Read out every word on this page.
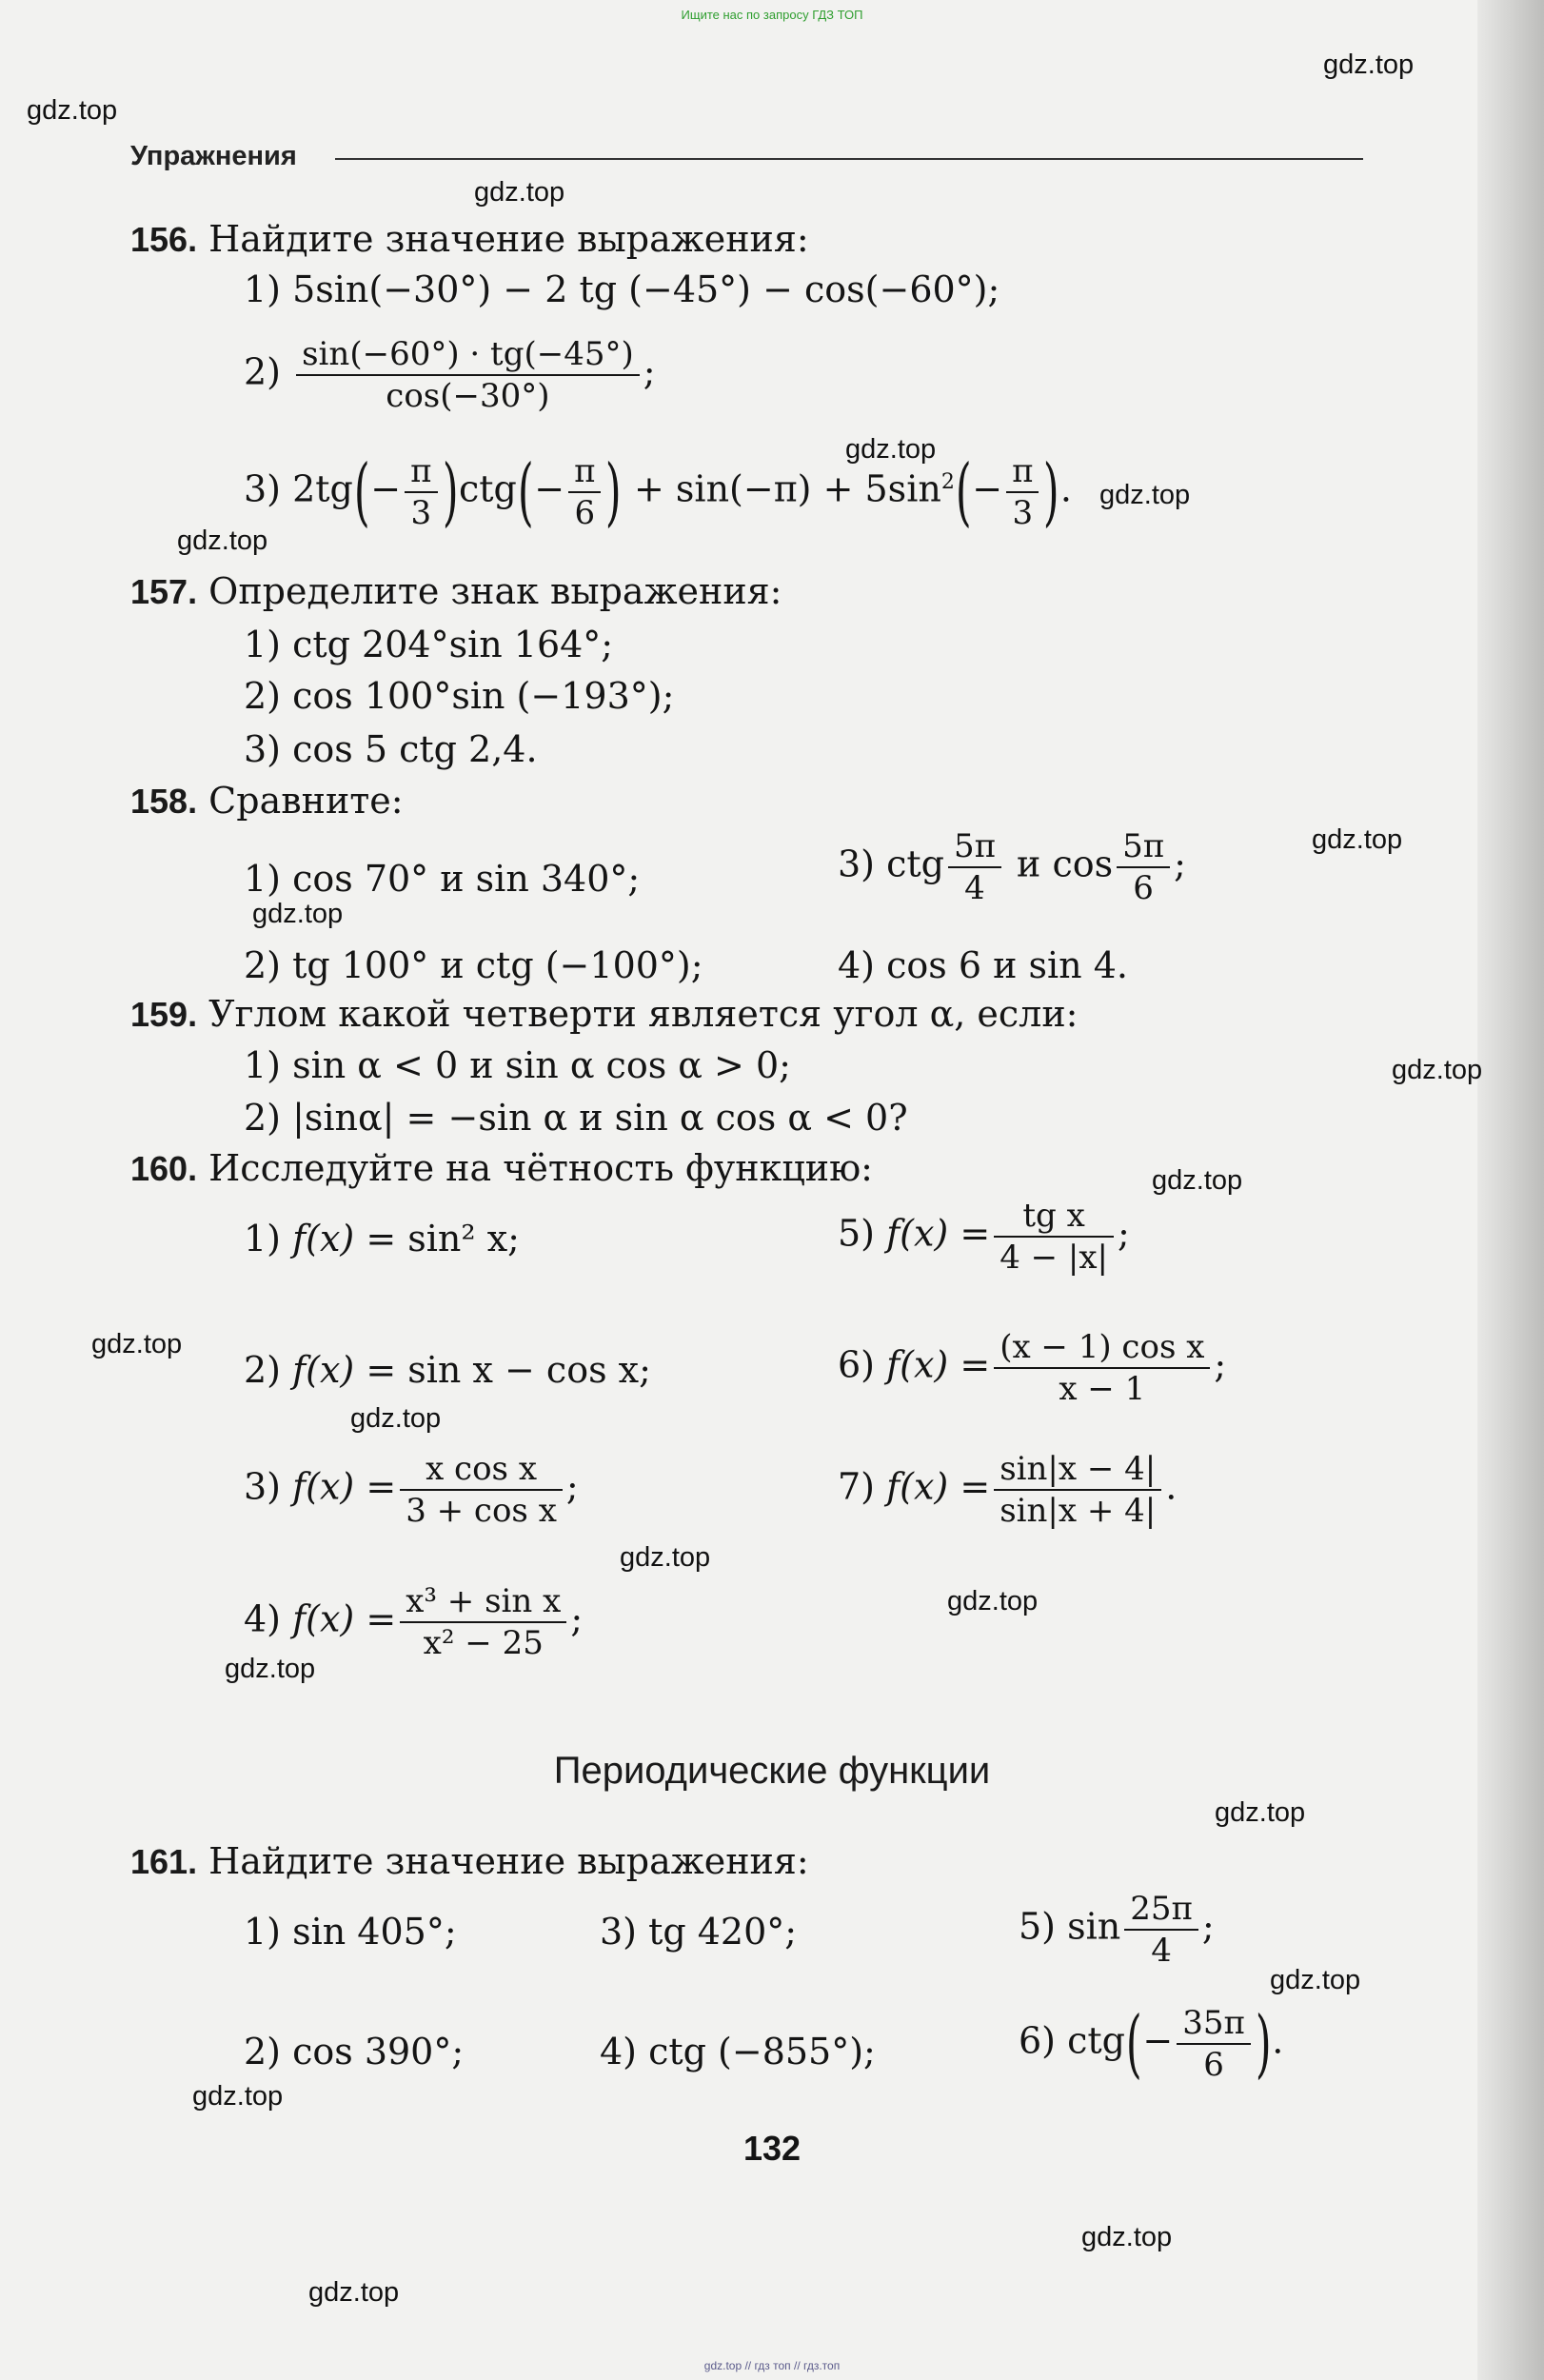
Ищите нас по запросу ГДЗ ТОП
gdz.top
gdz.top
gdz.top
gdz.top
gdz.top
gdz.top
gdz.top
gdz.top
gdz.top
gdz.top
gdz.top
gdz.top
gdz.top
gdz.top
gdz.top
gdz.top
gdz.top
gdz.top
gdz.top
gdz.top
Упражнения
156. Найдите значение выражения:
1) 5sin(−30°) − 2 tg (−45°) − cos(−60°);
$2) \frac{\sin(-60^\circ) \cdot tg(-45^\circ)}{\cos(-30^\circ)}$ ;
3) $2tg(- \frac{\pi}{3} )ctg(- \frac{\pi}{6}$ ) + $\sin(-\pi) + 5\sin^2(- \frac{\pi}{3}$ ).
157. Определите знак выражения:
1) ctg 204°sin 164°;
2) cos 100°sin (−193°);
3) cos 5 ctg 2,4.
158. Сравните:
1) cos 70° и sin 340°;	3) ctg $\frac{5\pi}{4}$ и $\cos \frac{5\pi}{6}$ ;
2) tg 100° и ctg (−100°);	4) cos 6 и sin 4.
159. Углом какой четверти является угол α, если:
1) sin α < 0 и sin α cos α > 0;
2) |sinα| = −sin α и sin α cos α < 0?
160. Исследуйте на чётность функцию:
1) f(x) = sin² x;	5) $f(x) = \frac{\text{tg x}}{4 - |x|}$ ;
2) f(x) = sin x − cos x;	6) $f(x) = \frac{\text{(x − 1) cos x}}{x - 1}$ ;
3) $f(x) = \frac{\text{x cos x}}{\text{3 + cos x}}$ ;	7) $f(x) = \frac{\sin|x - 4|}{\sin|x + 4|}$ .
4) $f(x) = \frac{\text{x³ + sin x}}{\text{x² − 25}}$ ;
Периодические функции
161. Найдите значение выражения:
1) sin 405°;	3) tg 420°;	5) $\sin \frac{25\pi}{4}$ ;
2) cos 390°;	4) ctg (−855°);	6) $ctg(- \frac{35\pi}{6}$ ).
132
gdz.top // гдз топ // гдз.топ
